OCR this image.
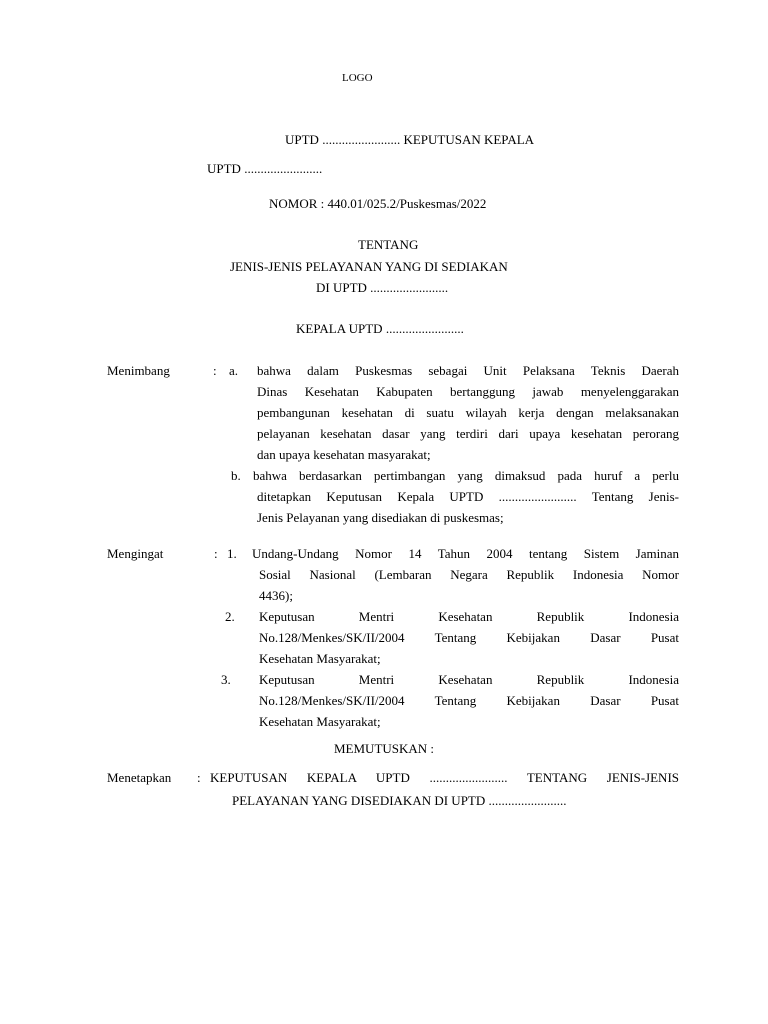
LOGO
UPTD ........................ KEPUTUSAN KEPALA
UPTD ........................
NOMOR : 440.01/025.2/Puskesmas/2022
TENTANG
JENIS-JENIS PELAYANAN YANG DI SEDIAKAN
DI UPTD ........................
KEPALA UPTD ........................
Menimbang	: a. bahwa dalam Puskesmas sebagai Unit Pelaksana Teknis Daerah
Dinas Kesehatan Kabupaten bertanggung jawab menyelenggarakan
pembangunan kesehatan di suatu wilayah kerja dengan melaksanakan
pelayanan kesehatan dasar yang terdiri dari upaya kesehatan perorang
dan upaya kesehatan masyarakat;
b. bahwa berdasarkan pertimbangan yang dimaksud pada huruf a perlu
ditetapkan Keputusan Kepala UPTD ........................ Tentang Jenis-
Jenis Pelayanan yang disediakan di puskesmas;
Mengingat	: 1. Undang-Undang Nomor 14 Tahun 2004 tentang Sistem Jaminan
Sosial Nasional (Lembaran Negara Republik Indonesia Nomor
4436);
2. Keputusan Mentri Kesehatan Republik Indonesia
No.128/Menkes/SK/II/2004 Tentang Kebijakan Dasar Pusat
Kesehatan Masyarakat;
3. Keputusan Mentri Kesehatan Republik Indonesia
No.128/Menkes/SK/II/2004 Tentang Kebijakan Dasar Pusat
Kesehatan Masyarakat;
MEMUTUSKAN :
Menetapkan : KEPUTUSAN KEPALA UPTD ........................ TENTANG JENIS-JENIS
PELAYANAN YANG DISEDIAKAN DI UPTD ........................
